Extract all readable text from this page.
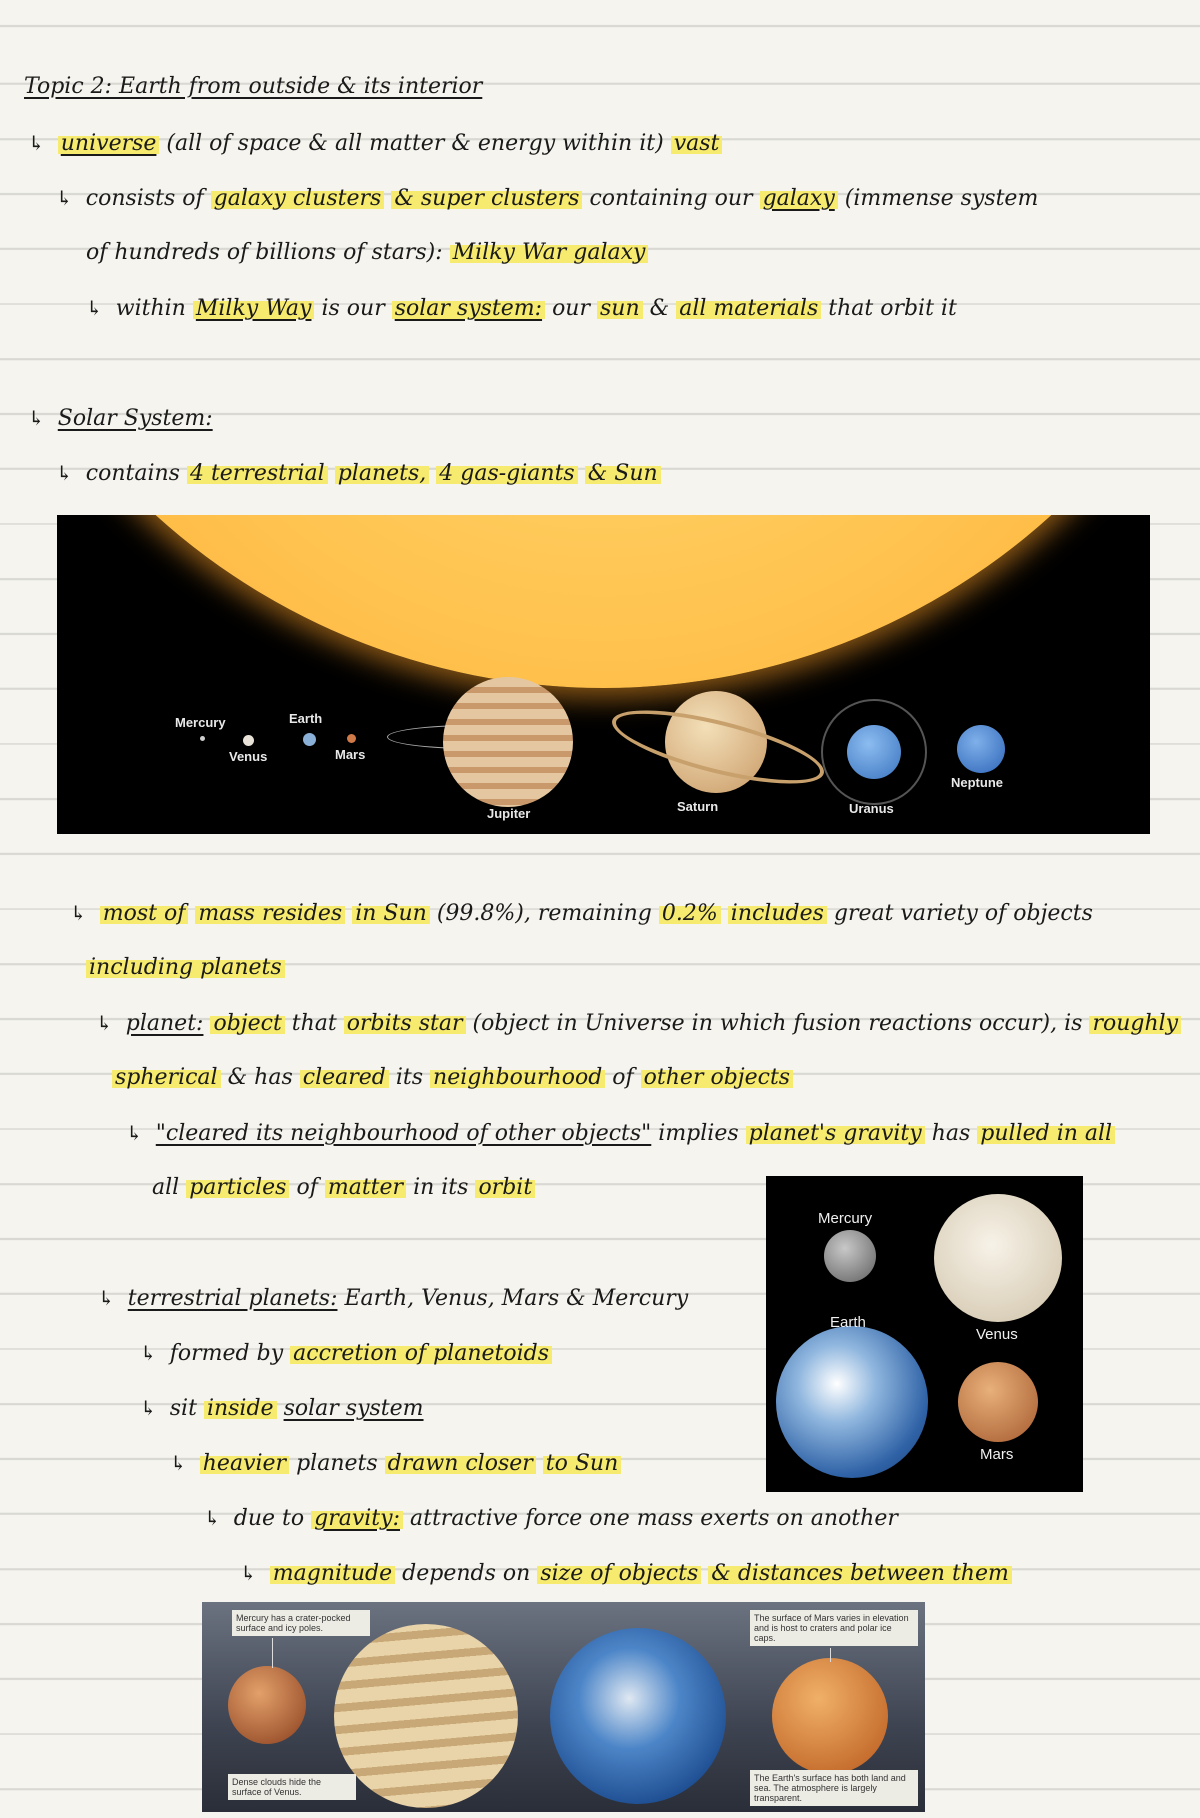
Topic 2: Earth from outside & its interior
↳ universe (all of space & all matter & energy within it) vast
↳ consists of galaxy clusters & super clusters containing our galaxy (immense system
of hundreds of billions of stars): Milky War galaxy
↳ within Milky Way is our solar system: our sun & all materials that orbit it
↳ Solar System:
↳ contains 4 terrestrial planets, 4 gas-giants & Sun
Mercury
Venus
Earth
Mars
Jupiter	Saturn	Uranus
Neptune
↳ most of mass resides in Sun (99.8%), remaining 0.2% includes great variety of objects
including planets
↳ planet: object that orbits star (object in Universe in which fusion reactions occur), is roughly
spherical & has cleared its neighbourhood of other objects
↳ "cleared its neighbourhood of other objects" implies planet's gravity has pulled in all
all particles of matter in its orbit
Mercury
Venus
Earth
Mars
↳ terrestrial planets: Earth, Venus, Mars & Mercury
↳ formed by accretion of planetoids
↳ sit inside solar system
↳ heavier planets drawn closer to Sun
↳ due to gravity: attractive force one mass exerts on another
↳ magnitude depends on size of objects & distances between them
Mercury has a crater-pocked surface and icy poles.
Dense clouds hide the surface of Venus.
The surface of Mars varies in elevation and is host to craters and polar ice caps.
The Earth's surface has both land and sea. The atmosphere is largely transparent.
